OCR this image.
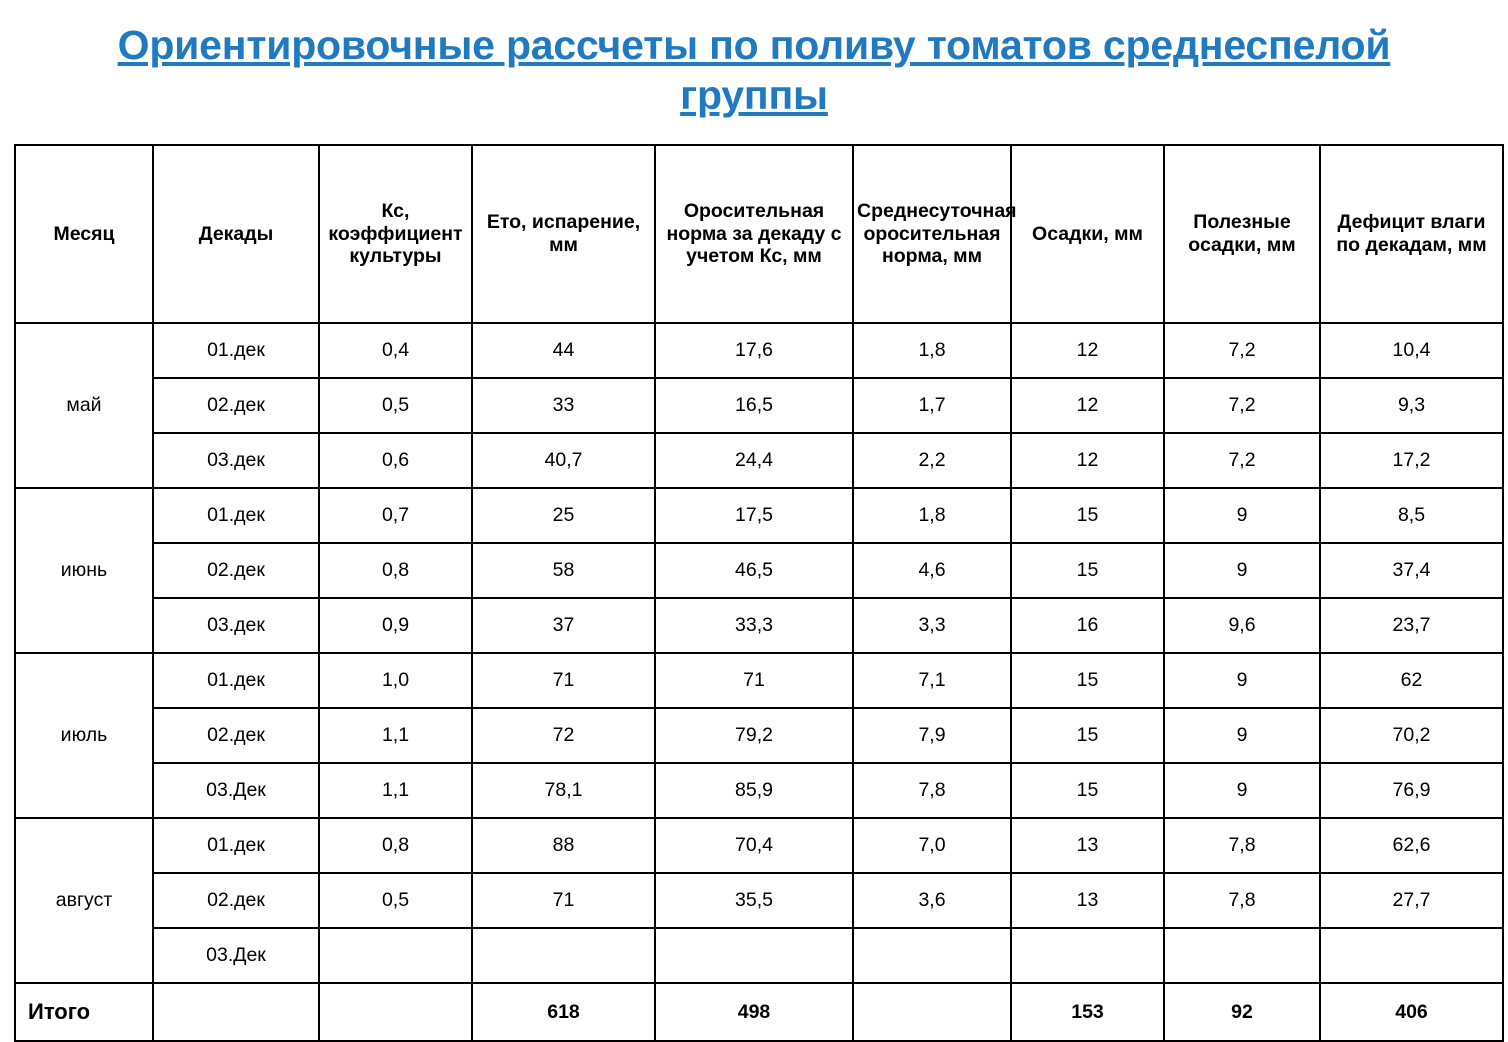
Ориентировочные рассчеты по поливу томатов среднеспелой группы
Месяц	Декады	Кс, коэффициент культуры	Ето, испарение, мм	Оросительная норма за декаду с учетом Кс, мм	Среднесуточная оросительная норма, мм	Осадки, мм	Полезные осадки, мм	Дефицит влаги по декадам, мм
май	01.дек	0,4	44	17,6	1,8	12	7,2	10,4
	02.дек	0,5	33	16,5	1,7	12	7,2	9,3
	03.дек	0,6	40,7	24,4	2,2	12	7,2	17,2
июнь	01.дек	0,7	25	17,5	1,8	15	9	8,5
	02.дек	0,8	58	46,5	4,6	15	9	37,4
	03.дек	0,9	37	33,3	3,3	16	9,6	23,7
июль	01.дек	1,0	71	71	7,1	15	9	62
	02.дек	1,1	72	79,2	7,9	15	9	70,2
	03.Дек	1,1	78,1	85,9	7,8	15	9	76,9
август	01.дек	0,8	88	70,4	7,0	13	7,8	62,6
	02.дек	0,5	71	35,5	3,6	13	7,8	27,7
	03.Дек							
Итого			618	498		153	92	406
